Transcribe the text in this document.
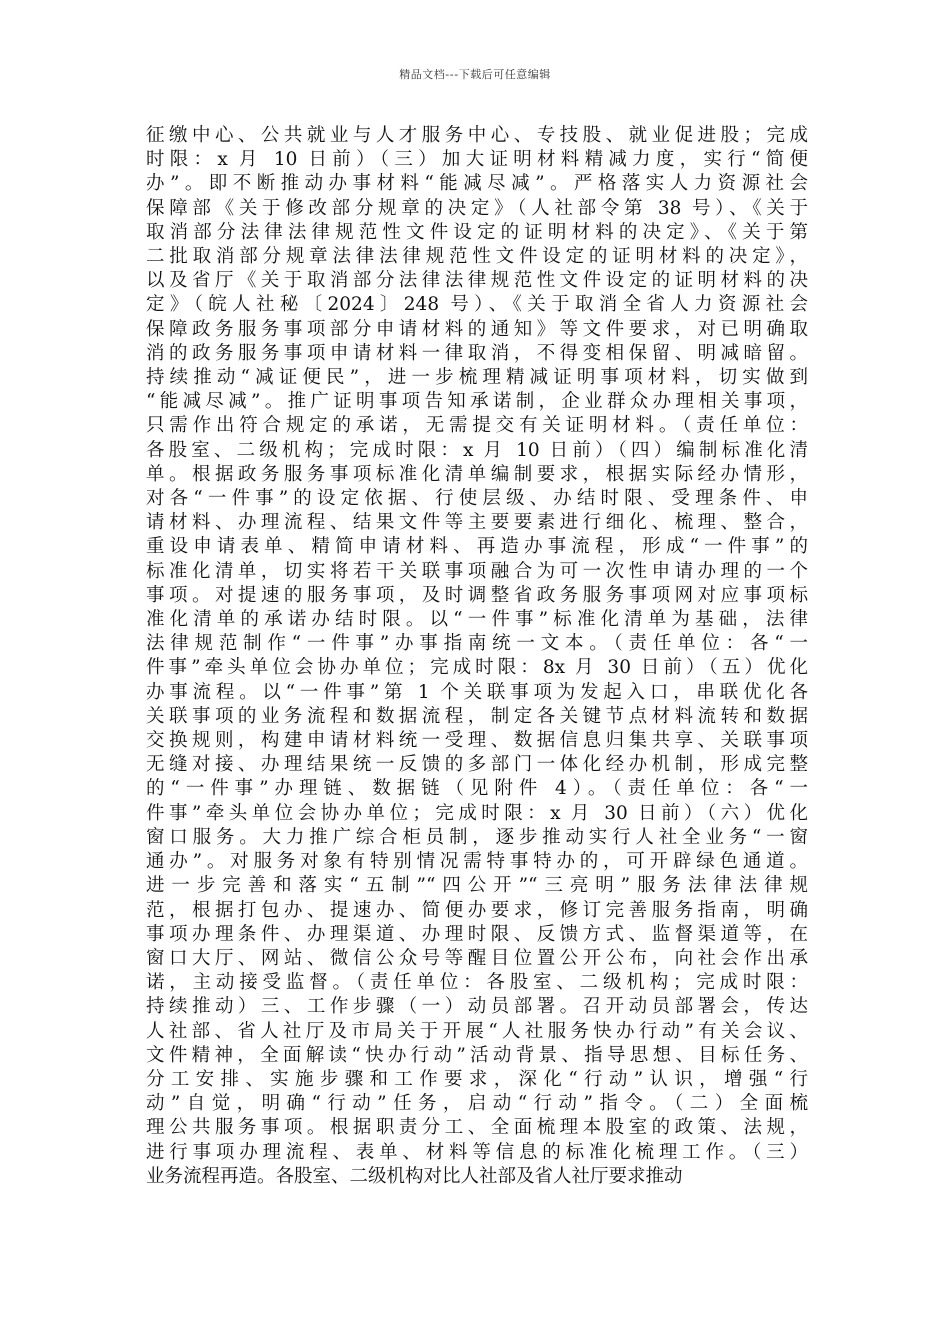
精品文档---下载后可任意编辑
征缴中心、公共就业与人才服务中心、专技股、就业促进股；完成
时限：x 月 10 日前）（三）加大证明材料精减力度，实行“简便
办”。即不断推动办事材料“能减尽减”。严格落实人力资源社会
保障部《关于修改部分规章的决定》（人社部令第 38 号）、《关于
取消部分法律法律规范性文件设定的证明材料的决定》、《关于第
二批取消部分规章法律法律规范性文件设定的证明材料的决定》，
以及省厅《关于取消部分法律法律规范性文件设定的证明材料的决
定》（皖人社秘〔2024〕248 号）、《关于取消全省人力资源社会
保障政务服务事项部分申请材料的通知》等文件要求，对已明确取
消的政务服务事项申请材料一律取消，不得变相保留、明减暗留。
持续推动“减证便民”，进一步梳理精减证明事项材料，切实做到
“能减尽减”。推广证明事项告知承诺制，企业群众办理相关事项，
只需作出符合规定的承诺，无需提交有关证明材料。（责任单位：
各股室、二级机构；完成时限：x 月 10 日前）（四）编制标准化清
单。根据政务服务事项标准化清单编制要求，根据实际经办情形，
对各“一件事”的设定依据、行使层级、办结时限、受理条件、申
请材料、办理流程、结果文件等主要要素进行细化、梳理、整合，
重设申请表单、精简申请材料、再造办事流程，形成“一件事”的
标准化清单，切实将若干关联事项融合为可一次性申请办理的一个
事项。对提速的服务事项，及时调整省政务服务事项网对应事项标
准化清单的承诺办结时限。以“一件事”标准化清单为基础，法律
法律规范制作“一件事”办事指南统一文本。（责任单位：各“一
件事”牵头单位会协办单位；完成时限：8x 月 30 日前）（五）优化
办事流程。以“一件事”第 1 个关联事项为发起入口，串联优化各
关联事项的业务流程和数据流程，制定各关键节点材料流转和数据
交换规则，构建申请材料统一受理、数据信息归集共享、关联事项
无缝对接、办理结果统一反馈的多部门一体化经办机制，形成完整
的“一件事”办理链、数据链（见附件 4）。（责任单位：各“一
件事”牵头单位会协办单位；完成时限：x 月 30 日前）（六）优化
窗口服务。大力推广综合柜员制，逐步推动实行人社全业务“一窗
通办”。对服务对象有特别情况需特事特办的，可开辟绿色通道。
进一步完善和落实“五制”“四公开”“三亮明”服务法律法律规
范，根据打包办、提速办、简便办要求，修订完善服务指南，明确
事项办理条件、办理渠道、办理时限、反馈方式、监督渠道等，在
窗口大厅、网站、微信公众号等醒目位置公开公布，向社会作出承
诺，主动接受监督。（责任单位：各股室、二级机构；完成时限：
持续推动）三、工作步骤（一）动员部署。召开动员部署会，传达
人社部、省人社厅及市局关于开展“人社服务快办行动”有关会议、
文件精神，全面解读“快办行动”活动背景、指导思想、目标任务、
分工安排、实施步骤和工作要求，深化“行动”认识，增强“行
动”自觉，明确“行动”任务，启动“行动”指令。（二）全面梳
理公共服务事项。根据职责分工、全面梳理本股室的政策、法规，
进行事项办理流程、表单、材料等信息的标准化梳理工作。（三）
业务流程再造。各股室、二级机构对比人社部及省人社厅要求推动
